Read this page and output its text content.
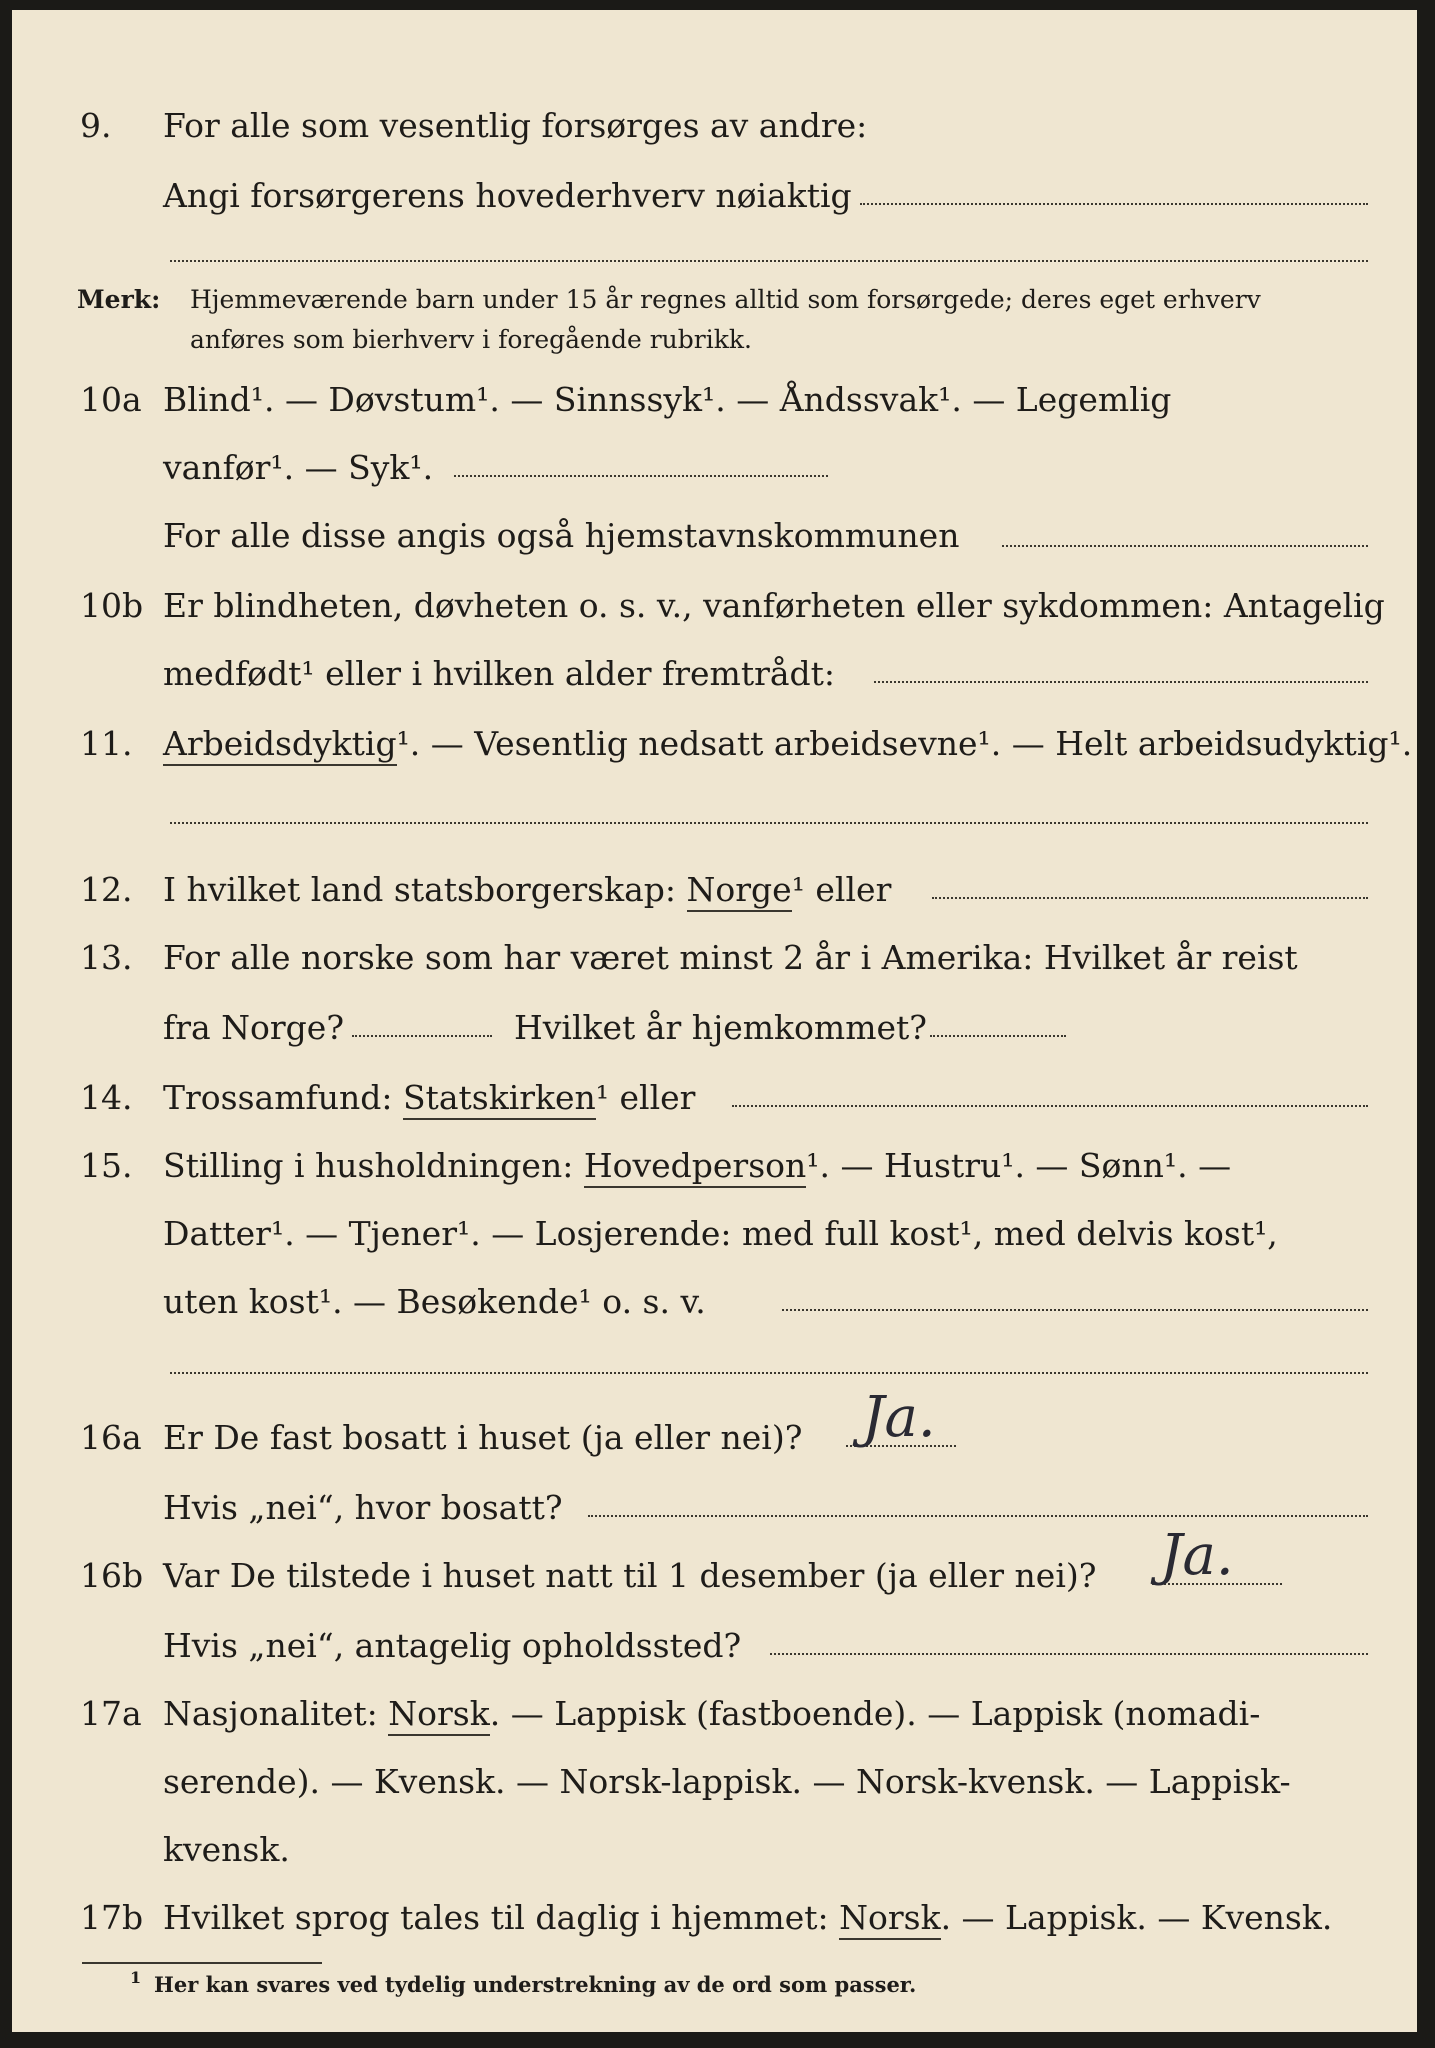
9. For alle som vesentlig forsørges av andre:
Angi forsørgerens hovederhverv nøiaktig
Merk: Hjemmeværende barn under 15 år regnes alltid som forsørgede; deres eget erhverv
anføres som bierhverv i foregående rubrikk.
10a Blind¹. — Døvstum¹. — Sinnssyk¹. — Åndssvak¹. — Legemlig
vanfør¹. — Syk¹.
For alle disse angis også hjemstavnskommunen
10b Er blindheten, døvheten o. s. v., vanførheten eller sykdommen: Antagelig
medfødt¹ eller i hvilken alder fremtrådt:
11. Arbeidsdyktig¹. — Vesentlig nedsatt arbeidsevne¹. — Helt arbeidsudyktig¹.
12. I hvilket land statsborgerskap: Norge¹ eller
13. For alle norske som har været minst 2 år i Amerika: Hvilket år reist
fra Norge?	Hvilket år hjemkommet?
14. Trossamfund: Statskirken¹ eller
15. Stilling i husholdningen: Hovedperson¹. — Hustru¹. — Sønn¹. —
Datter¹. — Tjener¹. — Losjerende: med full kost¹, med delvis kost¹,
uten kost¹. — Besøkende¹ o. s. v.
16a Er De fast bosatt i huset (ja eller nei)? Ja.
Hvis „nei“, hvor bosatt?
16b Var De tilstede i huset natt til 1 desember (ja eller nei)? Ja.
Hvis „nei“, antagelig opholdssted?
17a Nasjonalitet: Norsk. — Lappisk (fastboende). — Lappisk (nomadi-
serende). — Kvensk. — Norsk-lappisk. — Norsk-kvensk. — Lappisk-
kvensk.
17b Hvilket sprog tales til daglig i hjemmet: Norsk. — Lappisk. — Kvensk.
1 Her kan svares ved tydelig understrekning av de ord som passer.
